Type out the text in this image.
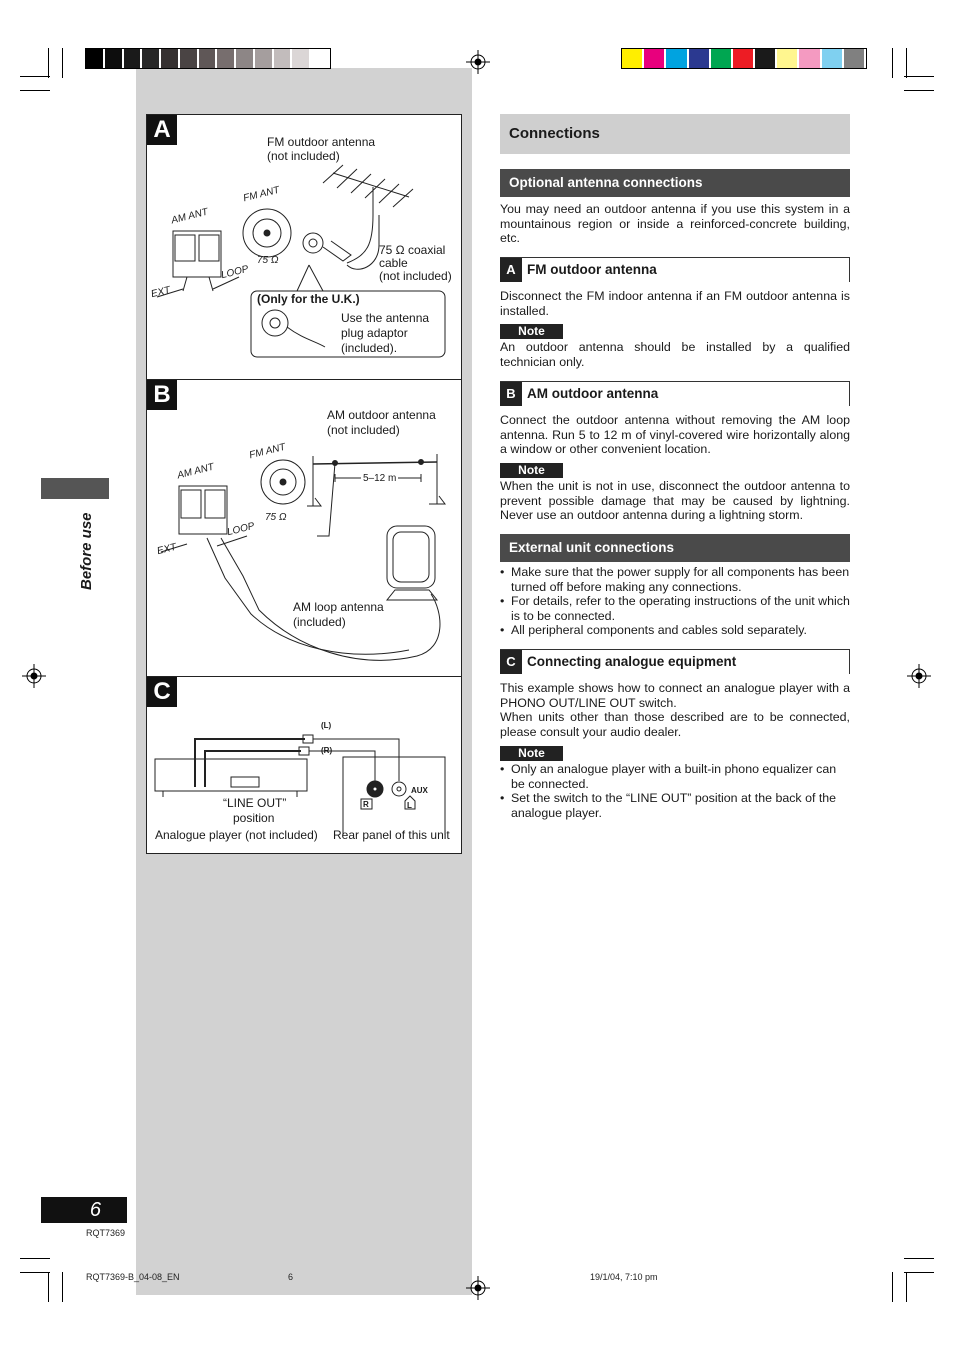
A	FM outdoor antenna
(not included)
FM ANT
AM ANT
EXT
LOOP
75 Ω
75 Ω coaxial
cable
(not included)
(Only for the U.K.)
Use the antenna
plug adaptor
(included).
B
AM outdoor antenna
(not included)
FM ANT
AM ANT
EXT
LOOP
75 Ω
5–12 m
AM loop antenna
(included)
C
(L)
(R)
AUX
R	L
“LINE OUT”
position
Analogue player (not included) Rear panel of this unit
Before use
Connections
Optional antenna connections
You may need an outdoor antenna if you use this system in a mountainous region or inside a reinforced-concrete building, etc.
A FM outdoor antenna
Disconnect the FM indoor antenna if an FM outdoor antenna is installed.
Note
An outdoor antenna should be installed by a qualified technician only.
B AM outdoor antenna
Connect the outdoor antenna without removing the AM loop antenna. Run 5 to 12 m of vinyl-covered wire horizontally along a window or other convenient location.
Note
When the unit is not in use, disconnect the outdoor antenna to prevent possible damage that may be caused by lightning. Never use an outdoor antenna during a lightning storm.
External unit connections
• Make sure that the power supply for all components has been turned off before making any connections.
• For details, refer to the operating instructions of the unit which is to be connected.
• All peripheral components and cables sold separately.
C Connecting analogue equipment
This example shows how to connect an analogue player with a PHONO OUT/LINE OUT switch.
When units other than those described are to be connected, please consult your audio dealer.
Note
• Only an analogue player with a built-in phono equalizer can be connected.
• Set the switch to the “LINE OUT” position at the back of the analogue player.
6
RQT7369
RQT7369-B_04-08_EN	6	19/1/04, 7:10 pm
